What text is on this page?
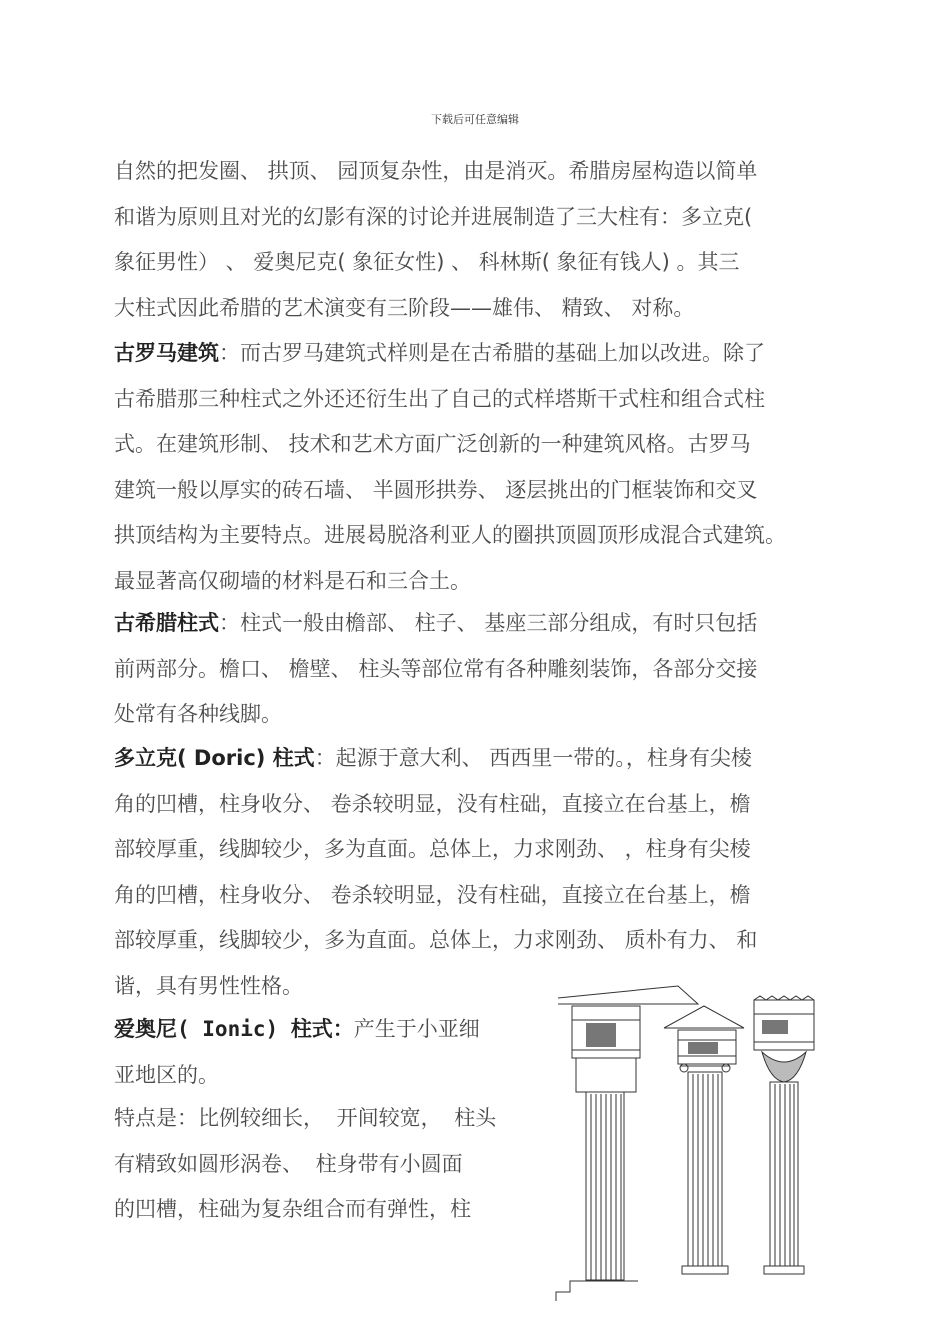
下载后可任意编辑
自然的把发圈、 拱顶、 园顶复杂性，由是消灭。希腊房屋构造以简单
和谐为原则且对光的幻影有深的讨论并进展制造了三大柱有：多立克(
象征男性） 、 爱奥尼克( 象征女性) 、 科林斯( 象征有钱人) 。其三
大柱式因此希腊的艺术演变有三阶段——雄伟、 精致、 对称。
古罗马建筑：而古罗马建筑式样则是在古希腊的基础上加以改进。除了
古希腊那三种柱式之外还还衍生出了自己的式样塔斯干式柱和组合式柱
式。在建筑形制、 技术和艺术方面广泛创新的一种建筑风格。古罗马
建筑一般以厚实的砖石墙、 半圆形拱券、 逐层挑出的门框装饰和交叉
拱顶结构为主要特点。进展曷脱洛利亚人的圈拱顶圆顶形成混合式建筑。
最显著高仅砌墙的材料是石和三合土。
古希腊柱式：柱式一般由檐部、 柱子、 基座三部分组成，有时只包括
前两部分。檐口、 檐壁、 柱头等部位常有各种雕刻装饰，各部分交接
处常有各种线脚。
多立克( Doric) 柱式：起源于意大利、 西西里一带的。，柱身有尖棱
角的凹槽，柱身收分、 卷杀较明显，没有柱础，直接立在台基上，檐
部较厚重，线脚较少，多为直面。总体上，力求刚劲、 ，柱身有尖棱
角的凹槽，柱身收分、 卷杀较明显，没有柱础，直接立在台基上，檐
部较厚重，线脚较少，多为直面。总体上，力求刚劲、 质朴有力、 和
谐，具有男性性格。
爱奥尼( Ionic) 柱式：产生于小亚细
亚地区的。
特点是：比例较细长， 开间较宽， 柱头
有精致如圆形涡卷、 柱身带有小圆面
的凹槽，柱础为复杂组合而有弹性，柱
